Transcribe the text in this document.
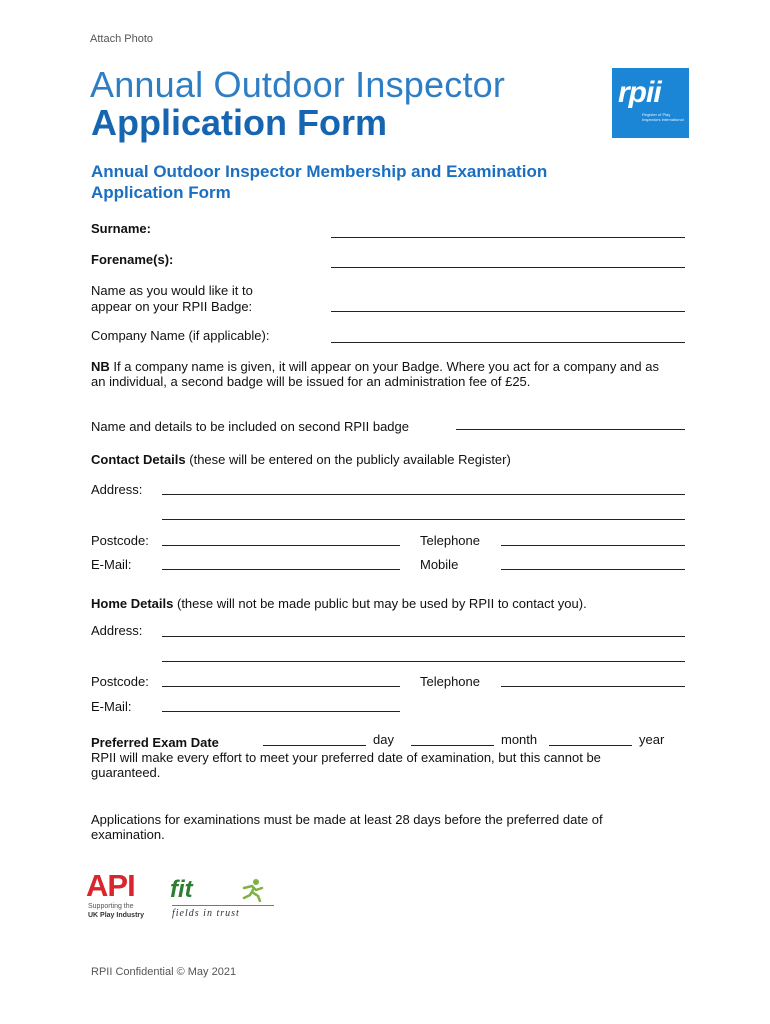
Attach Photo
Annual Outdoor Inspector
Application Form
rpii
Register of Play Inspectors International
Annual Outdoor Inspector Membership and Examination Application Form
Surname:
Forename(s):
Name as you would like it to appear on your RPII Badge:
Company Name (if applicable):
NB If a company name is given, it will appear on your Badge. Where you act for a company and as an individual, a second badge will be issued for an administration fee of £25.
Name and details to be included on second RPII badge
Contact Details (these will be entered on the publicly available Register)
Address:
Postcode:	Telephone
E-Mail:	Mobile
Home Details (these will not be made public but may be used by RPII to contact you).
Address:
Postcode:	Telephone
E-Mail:
Preferred Exam Date	day	month	year
RPII will make every effort to meet your preferred date of examination, but this cannot be guaranteed.
Applications for examinations must be made at least 28 days before the preferred date of examination.
API
Supporting the
UK Play Industry
fit
fields in trust
RPII Confidential © May 2021
